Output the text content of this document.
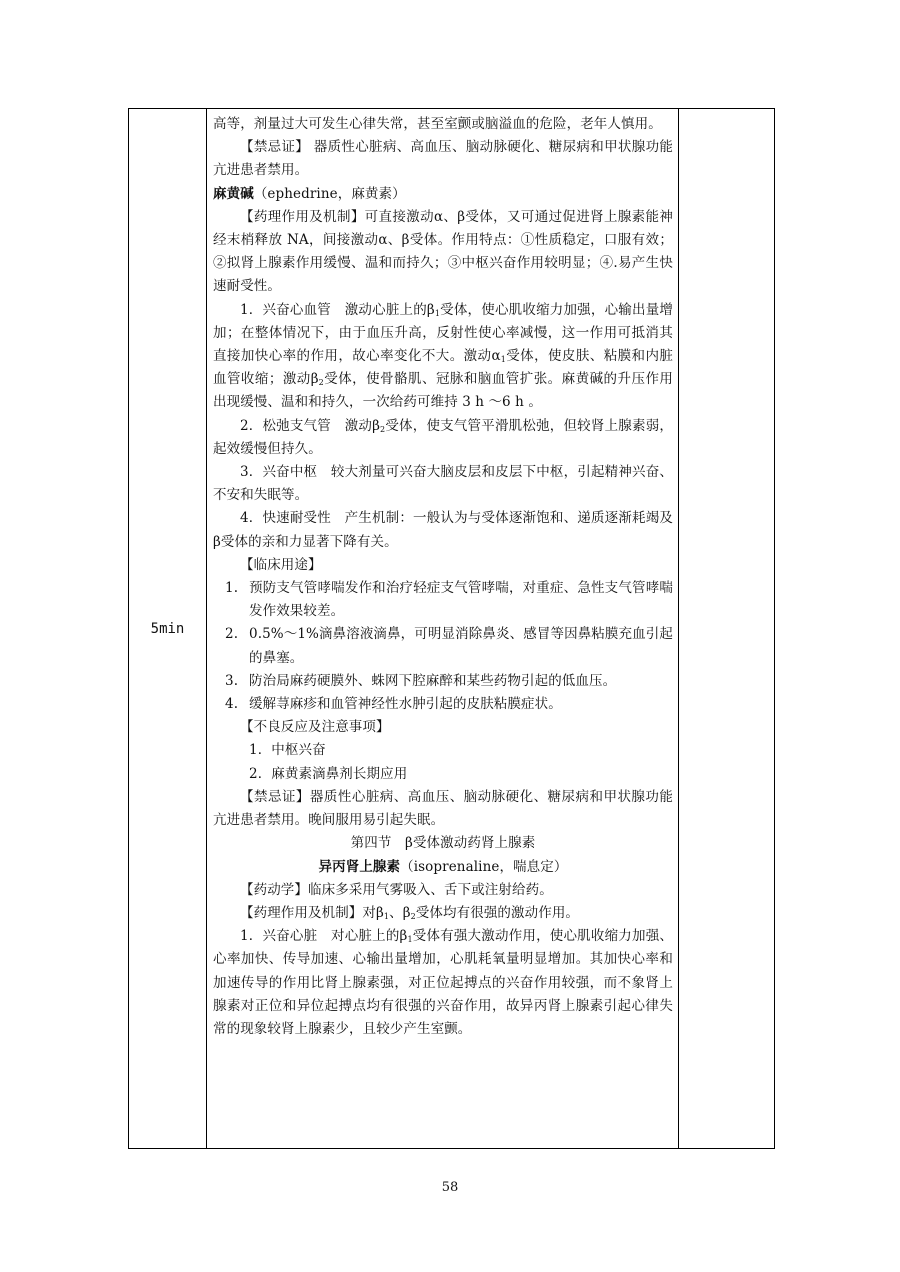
5min

高等，剂量过大可发生心律失常，甚至室颤或脑溢血的危险，老年人慎用。

【禁忌证】 器质性心脏病、高血压、脑动脉硬化、糖尿病和甲状腺功能亢进患者禁用。

麻黄碱（ephedrine，麻黄素）

【药理作用及机制】可直接激动α、β受体，又可通过促进肾上腺素能神经末梢释放 NA，间接激动α、β受体。作用特点：①性质稳定，口服有效；②拟肾上腺素作用缓慢、温和而持久；③中枢兴奋作用较明显；④.易产生快速耐受性。

1．兴奋心血管　激动心脏上的$\beta_1$受体，使心肌收缩力加强，心输出量增加；在整体情况下，由于血压升高，反射性使心率减慢，这一作用可抵消其直接加快心率的作用，故心率变化不大。激动$\alpha_1$受体，使皮肤、粘膜和内脏血管收缩；激动$\beta_2$受体，使骨骼肌、冠脉和脑血管扩张。麻黄碱的升压作用出现缓慢、温和和持久，一次给药可维持 3 h ～6 h 。

2．松弛支气管　激动$\beta_2$受体，使支气管平滑肌松弛，但较肾上腺素弱，起效缓慢但持久。

3．兴奋中枢　较大剂量可兴奋大脑皮层和皮层下中枢，引起精神兴奋、不安和失眠等。

4．快速耐受性　产生机制：一般认为与受体逐渐饱和、递质逐渐耗竭及β受体的亲和力显著下降有关。

【临床用途】

1. 预防支气管哮喘发作和治疗轻症支气管哮喘，对重症、急性支气管哮喘发作效果较差。

2. 0.5%～1%滴鼻溶液滴鼻，可明显消除鼻炎、感冒等因鼻粘膜充血引起的鼻塞。

3. 防治局麻药硬膜外、蛛网下腔麻醉和某些药物引起的低血压。

4. 缓解荨麻疹和血管神经性水肿引起的皮肤粘膜症状。

【不良反应及注意事项】

1．中枢兴奋

2．麻黄素滴鼻剂长期应用

【禁忌证】器质性心脏病、高血压、脑动脉硬化、糖尿病和甲状腺功能亢进患者禁用。晚间服用易引起失眠。

第四节　β受体激动药肾上腺素

异丙肾上腺素（isoprenaline，喘息定）

【药动学】临床多采用气雾吸入、舌下或注射给药。

【药理作用及机制】对$\beta_1$、$\beta_2$受体均有很强的激动作用。

1．兴奋心脏　对心脏上的$\beta_1$受体有强大激动作用，使心肌收缩力加强、心率加快、传导加速、心输出量增加，心肌耗氧量明显增加。其加快心率和加速传导的作用比肾上腺素强，对正位起搏点的兴奋作用较强，而不象肾上腺素对正位和异位起搏点均有很强的兴奋作用，故异丙肾上腺素引起心律失常的现象较肾上腺素少，且较少产生室颤。

58
